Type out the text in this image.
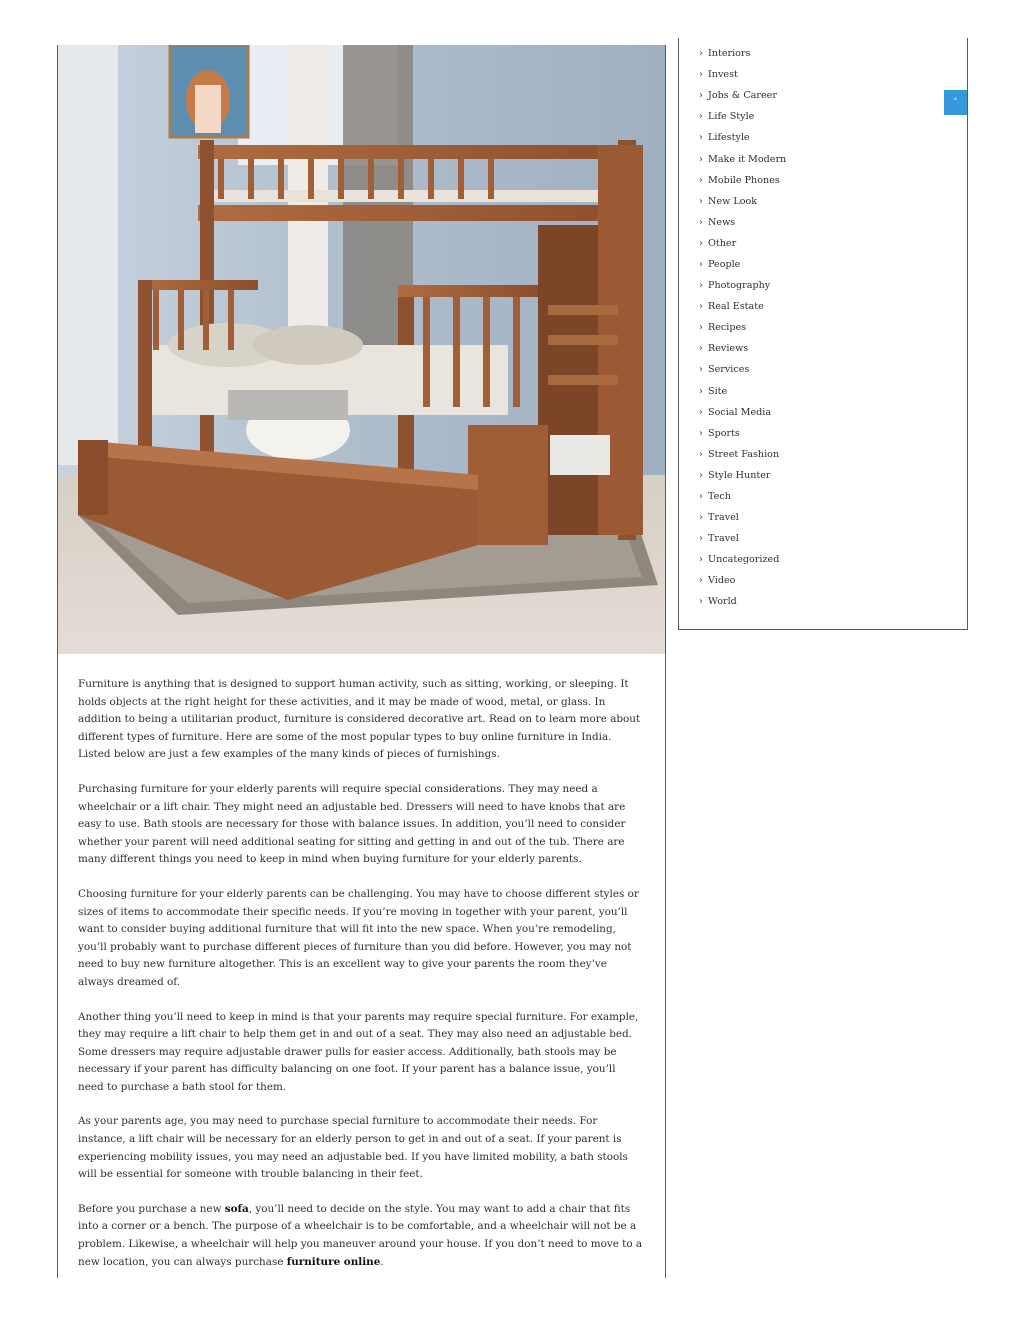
Furniture is anything that is designed to support human activity, such as sitting, working, or sleeping. It holds objects at the right height for these activities, and it may be made of wood, metal, or glass. In addition to being a utilitarian product, furniture is considered decorative art. Read on to learn more about different types of furniture. Here are some of the most popular types to buy online furniture in India. Listed below are just a few examples of the many kinds of pieces of furnishings.

Purchasing furniture for your elderly parents will require special considerations. They may need a wheelchair or a lift chair. They might need an adjustable bed. Dressers will need to have knobs that are easy to use. Bath stools are necessary for those with balance issues. In addition, you’ll need to consider whether your parent will need additional seating for sitting and getting in and out of the tub. There are many different things you need to keep in mind when buying furniture for your elderly parents.

Choosing furniture for your elderly parents can be challenging. You may have to choose different styles or sizes of items to accommodate their specific needs. If you’re moving in together with your parent, you’ll want to consider buying additional furniture that will fit into the new space. When you’re remodeling, you’ll probably want to purchase different pieces of furniture than you did before. However, you may not need to buy new furniture altogether. This is an excellent way to give your parents the room they’ve always dreamed of.

Another thing you’ll need to keep in mind is that your parents may require special furniture. For example, they may require a lift chair to help them get in and out of a seat. They may also need an adjustable bed. Some dressers may require adjustable drawer pulls for easier access. Additionally, bath stools may be necessary if your parent has difficulty balancing on one foot. If your parent has a balance issue, you’ll need to purchase a bath stool for them.

As your parents age, you may need to purchase special furniture to accommodate their needs. For instance, a lift chair will be necessary for an elderly person to get in and out of a seat. If your parent is experiencing mobility issues, you may need an adjustable bed. If you have limited mobility, a bath stools will be essential for someone with trouble balancing in their feet.

Before you purchase a new sofa, you’ll need to decide on the style. You may want to add a chair that fits into a corner or a bench. The purpose of a wheelchair is to be comfortable, and a wheelchair will not be a problem. Likewise, a wheelchair will help you maneuver around your house. If you don’t need to move to a new location, you can always purchase furniture online.

› Interiors
› Invest
› Jobs & Career
› Life Style
› Lifestyle
› Make it Modern
› Mobile Phones
› New Look
› News
› Other
› People
› Photography
› Real Estate
› Recipes
› Reviews
› Services
› Site
› Social Media
› Sports
› Street Fashion
› Style Hunter
› Tech
› Travel
› Travel
› Uncategorized
› Video
› World
˄
